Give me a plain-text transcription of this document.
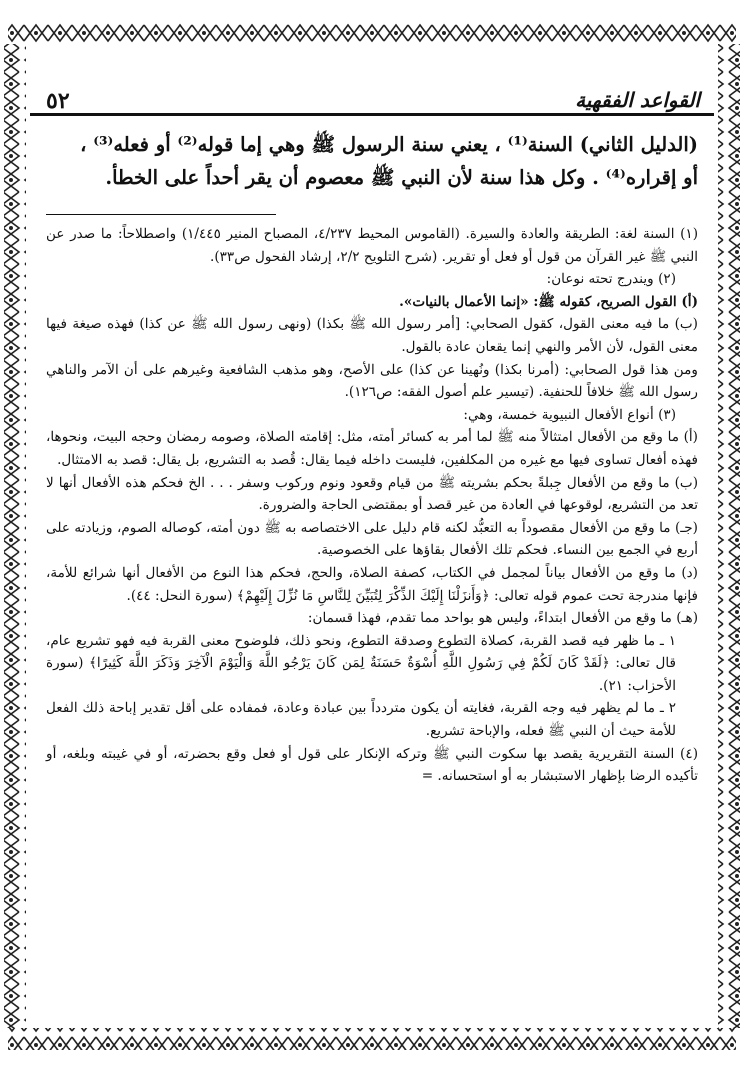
٥٢	القواعد الفقهية

(الدليل الثاني) السنة⁽¹⁾ ، يعني سنة الرسول ﷺ وهي إما قوله⁽²⁾ أو فعله⁽³⁾ ،

أو إقراره⁽⁴⁾ . وكل هذا سنة لأن النبي ﷺ معصوم أن يقر أحداً على الخطأ.

(١) السنة لغة: الطريقة والعادة والسيرة. (القاموس المحيط ٤/٢٣٧، المصباح المنير ١/٤٤٥) واصطلاحاً: ما صدر عن النبي ﷺ غير القرآن من قول أو فعل أو تقرير. (شرح التلويح ٢/٢، إرشاد الفحول ص٣٣).

(٢) ويندرج تحته نوعان:

(أ) القول الصريح، كقوله ﷺ: «إنما الأعمال بالنيات».

(ب) ما فيه معنى القول، كقول الصحابي: [أمر رسول الله ﷺ بكذا) (ونهى رسول الله ﷺ عن كذا) فهذه صيغة فيها معنى القول، لأن الأمر والنهي إنما يقعان عادة بالقول.

ومن هذا قول الصحابي: (أمرنا بكذا) ونُهينا عن كذا) على الأصح، وهو مذهب الشافعية وغيرهم على أن الآمر والناهي رسول الله ﷺ خلافاً للحنفية. (تيسير علم أصول الفقه: ص١٢٦).

(٣) أنواع الأفعال النبيوية خمسة، وهي:

(أ) ما وقع من الأفعال امتثالاً منه ﷺ لما أمر به كسائر أمته، مثل: إقامته الصلاة، وصومه رمضان وحجه البيت، ونحوها، فهذه أفعال تساوى فيها مع غيره من المكلفين، فليست داخله فيما يقال: قُصد به التشريع، بل يقال: قصد به الامتثال.

(ب) ما وقع من الأفعال جِبلةً بحكم بشريته ﷺ من قيام وقعود ونوم وركوب وسفر . . . الخ فحكم هذه الأفعال أنها لا تعد من التشريع، لوقوعها في العادة من غير قصد أو بمقتضى الحاجة والضرورة.

(جـ) ما وقع من الأفعال مقصوداً به التعبُّد لكنه قام دليل على الاختصاصه به ﷺ دون أمته، كوصاله الصوم، وزيادته على أربع في الجمع بين النساء. فحكم تلك الأفعال بقاؤها على الخصوصية.

(د) ما وقع من الأفعال بياناً لمجمل في الكتاب، كصفة الصلاة، والحج، فحكم هذا النوع من الأفعال أنها شرائع للأمة، فإنها مندرجة تحت عموم قوله تعالى: ﴿وَأَنزَلْنَا إِلَيْكَ الذِّكْرَ لِتُبَيِّنَ لِلنَّاسِ مَا نُزِّلَ إِلَيْهِمْ﴾ (سورة النحل: ٤٤).

(هـ) ما وقع من الأفعال ابتداءً، وليس هو بواحد مما تقدم، فهذا قسمان:

١ ـ ما ظهر فيه قصد القربة، كصلاة التطوع وصدقة التطوع، ونحو ذلك، فلوضوح معنى القربة فيه فهو تشريع عام، قال تعالى: ﴿لَقَدْ كَانَ لَكُمْ فِي رَسُولِ اللَّهِ أُسْوَةٌ حَسَنَةٌ لِمَن كَانَ يَرْجُو اللَّهَ وَالْيَوْمَ الْآخِرَ وَذَكَرَ اللَّهَ كَثِيرًا﴾ (سورة الأحزاب: ٢١).

٢ ـ ما لم يظهر فيه وجه القربة، فغايته أن يكون متردداً بين عبادة وعادة، فمفاده على أقل تقدير إباحة ذلك الفعل للأمة حيث أن النبي ﷺ فعله، والإباحة تشريع.

(٤) السنة التقريرية يقصد بها سكوت النبي ﷺ وتركه الإنكار على قول أو فعل وقع بحضرته، أو في غيبته وبلغه، أو تأكيده الرضا بإظهار الاستبشار به أو استحسانه. =
